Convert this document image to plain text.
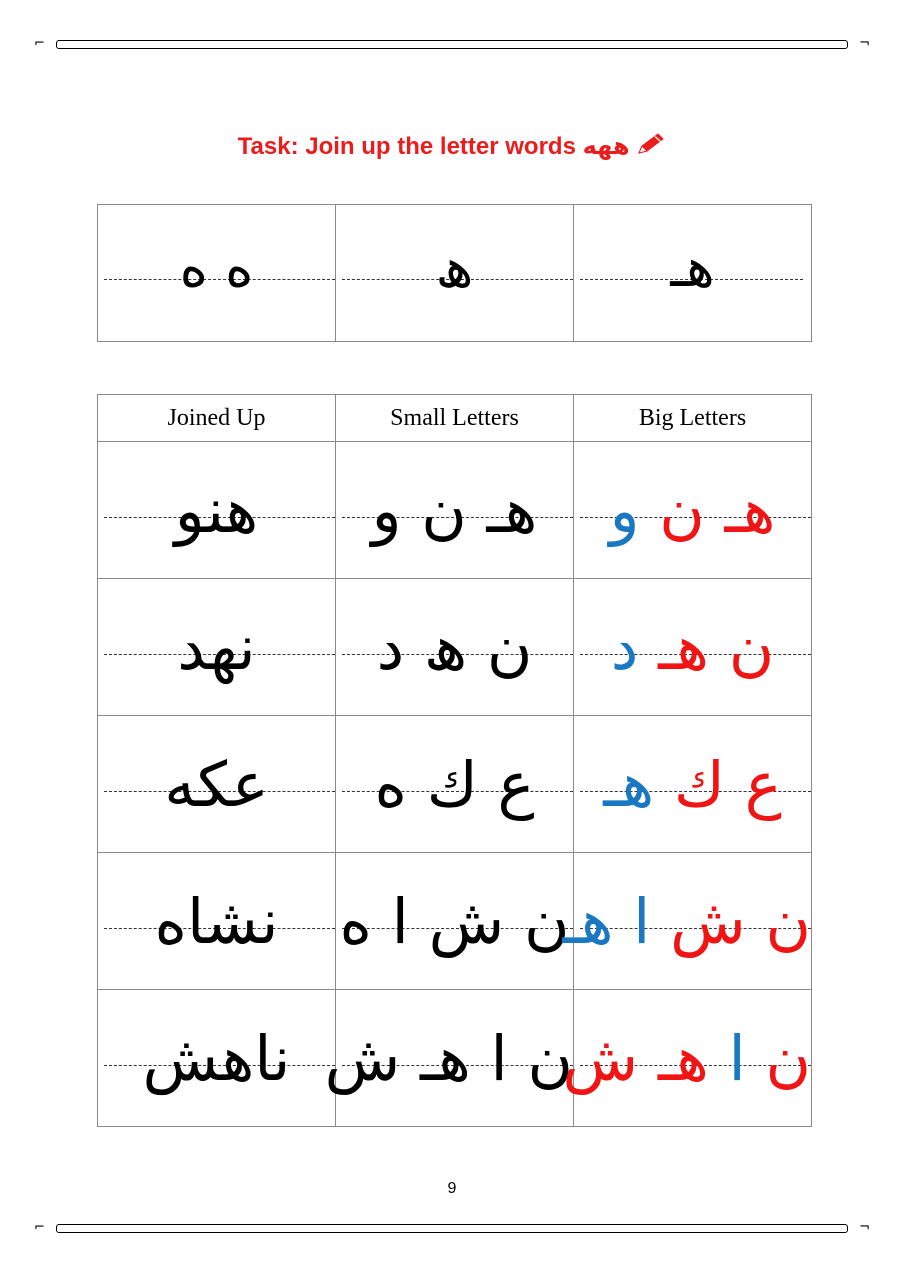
⌐	¬
Task: Join up the letter words هھه
ه ه	ھ	هـ
Joined Up	Small Letters	Big Letters

هنو	هـ ن و	هـ ن و

نهد	ن ھ د	ن هـ د

عكه	ع ك ه	ع ك هـ

نشاه	ن ش ا ه	ن ش ا هـ

ناهش	ن ا هـ ش	ن ا هـ ش
9
⌐	¬
